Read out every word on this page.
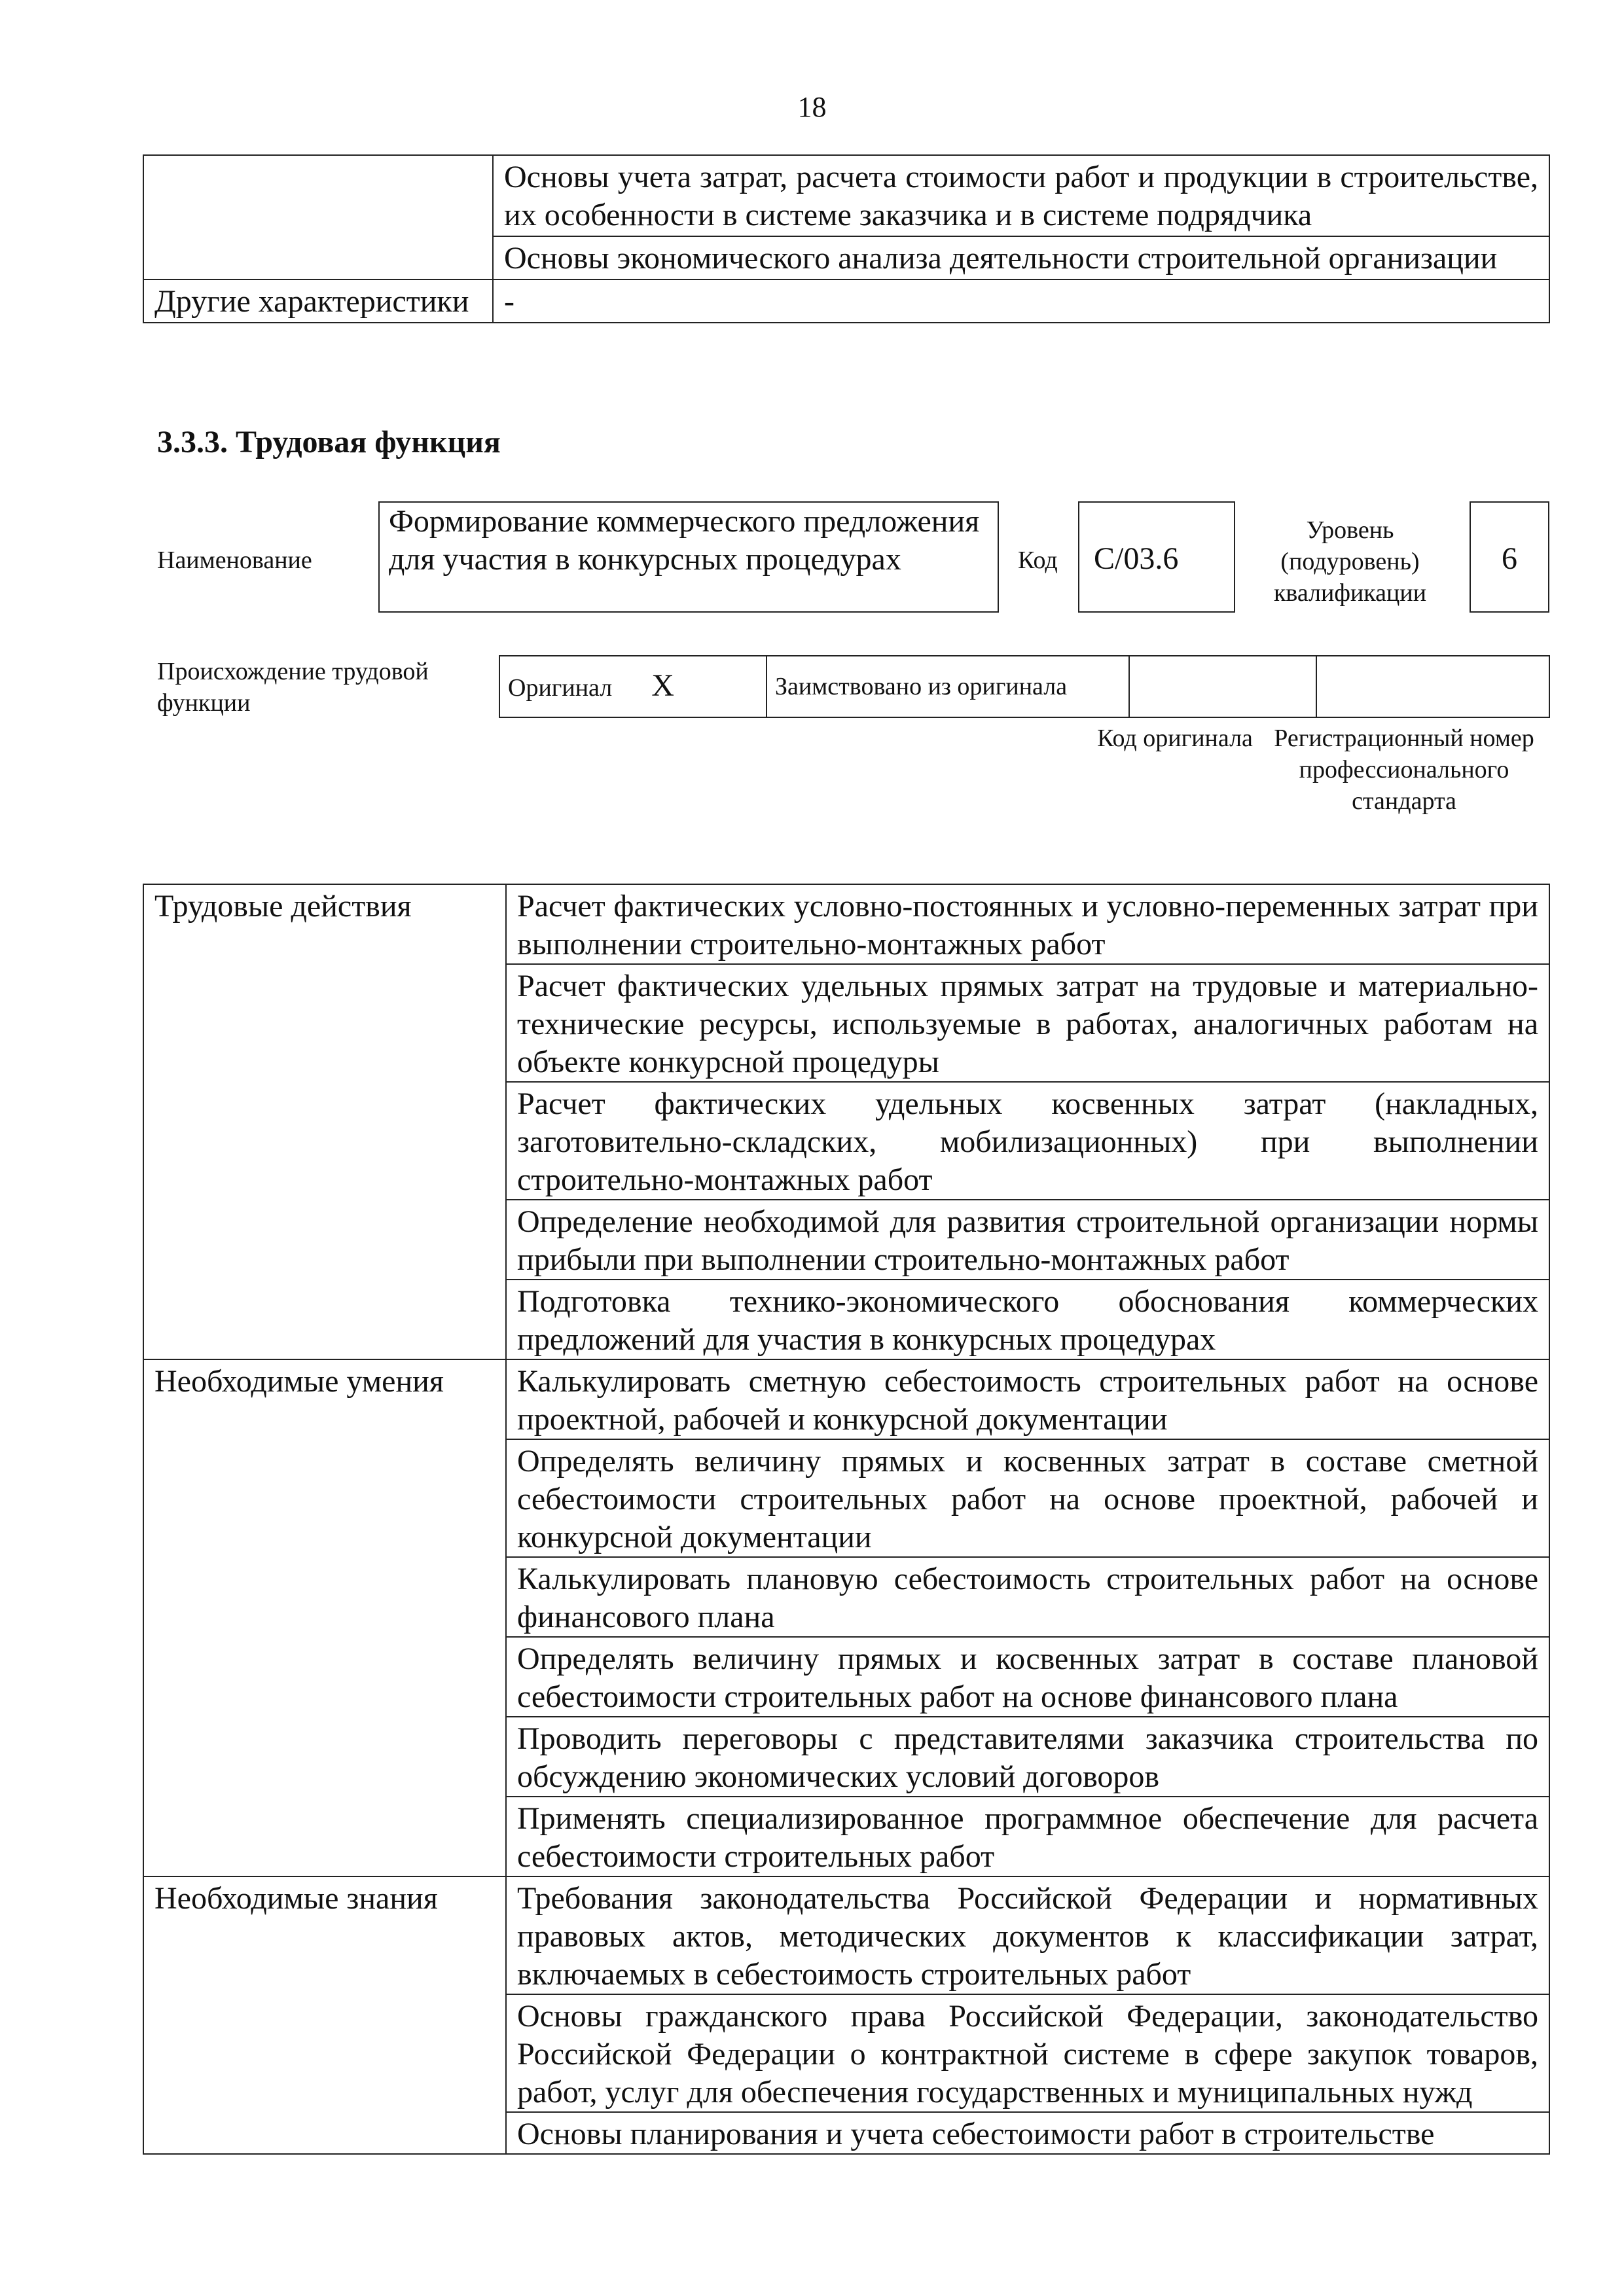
18
	Основы учета затрат, расчета стоимости работ и продукции в строительстве, их особенности в системе заказчика и в системе подрядчика
	Основы экономического анализа деятельности строительной организации
Другие характеристики	-
3.3.3. Трудовая функция
Наименование
Формирование коммерческого предложения для участия в конкурсных процедурах	Код	C/03.6
Уровень (подуровень) квалификации
6
Происхождение трудовой функции
Оригинал X	Заимствовано из оригинала		
Код оригинала Регистрационный номер профессионального стандарта
Трудовые действия	Расчет фактических условно-постоянных и условно-переменных затрат при выполнении строительно-монтажных работ
	Расчет фактических удельных прямых затрат на трудовые и материально-технические ресурсы, используемые в работах, аналогичных работам на объекте конкурсной процедуры
	Расчет фактических удельных косвенных затрат (накладных, заготовительно-складских, мобилизационных) при выполнении строительно-монтажных работ
	Определение необходимой для развития строительной организации нормы прибыли при выполнении строительно-монтажных работ
	Подготовка технико-экономического обоснования коммерческих предложений для участия в конкурсных процедурах
Необходимые умения	Калькулировать сметную себестоимость строительных работ на основе проектной, рабочей и конкурсной документации
	Определять величину прямых и косвенных затрат в составе сметной себестоимости строительных работ на основе проектной, рабочей и конкурсной документации
	Калькулировать плановую себестоимость строительных работ на основе финансового плана
	Определять величину прямых и косвенных затрат в составе плановой себестоимости строительных работ на основе финансового плана
	Проводить переговоры с представителями заказчика строительства по обсуждению экономических условий договоров
	Применять специализированное программное обеспечение для расчета себестоимости строительных работ
Необходимые знания	Требования законодательства Российской Федерации и нормативных правовых актов, методических документов к классификации затрат, включаемых в себестоимость строительных работ
	Основы гражданского права Российской Федерации, законодательство Российской Федерации о контрактной системе в сфере закупок товаров, работ, услуг для обеспечения государственных и муниципальных нужд
	Основы планирования и учета себестоимости работ в строительстве
